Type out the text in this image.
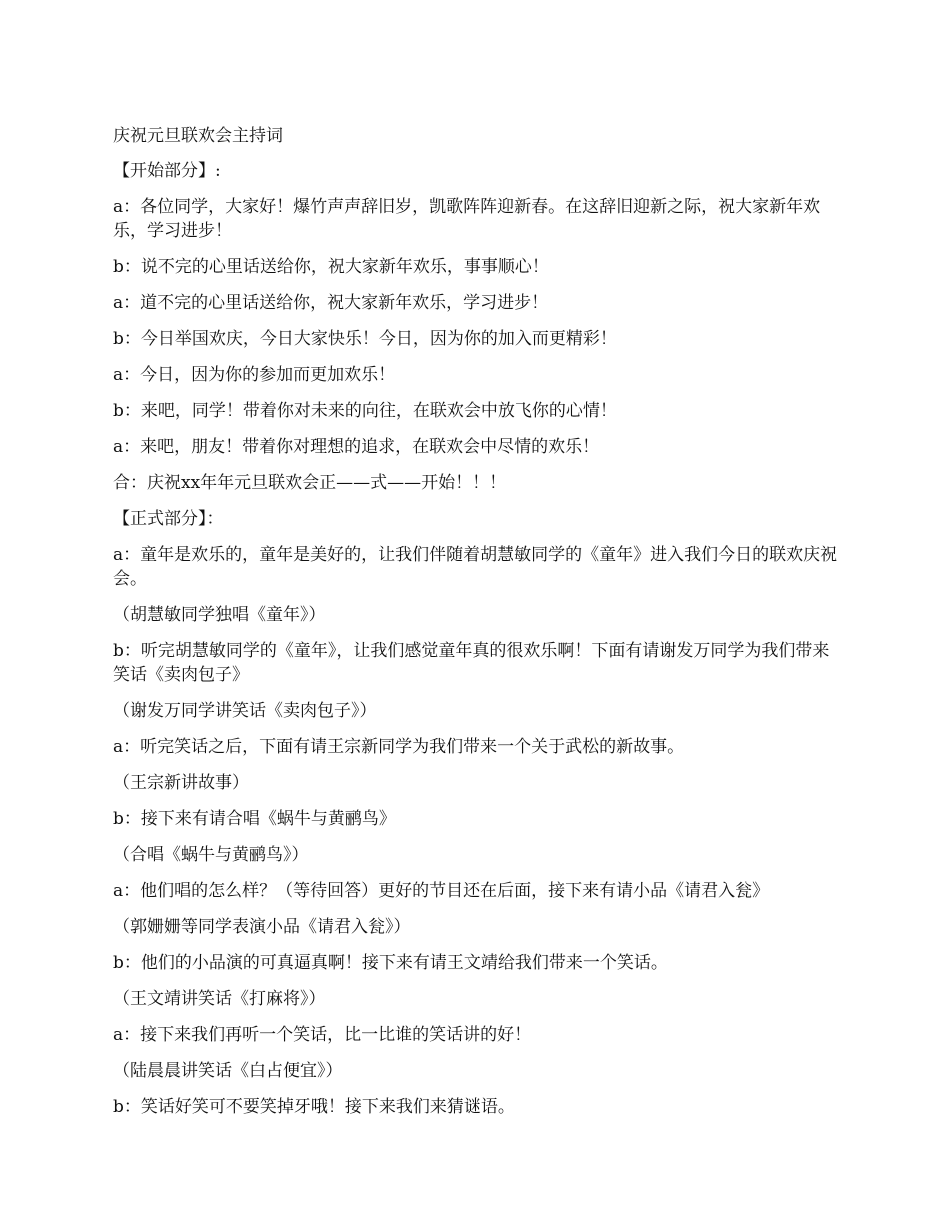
庆祝元旦联欢会主持词

【开始部分】:

a：各位同学，大家好！爆竹声声辞旧岁，凯歌阵阵迎新春。在这辞旧迎新之际，祝大家新年欢乐，学习进步！

b：说不完的心里话送给你，祝大家新年欢乐，事事顺心！

a：道不完的心里话送给你，祝大家新年欢乐，学习进步！

b：今日举国欢庆，今日大家快乐！今日，因为你的加入而更精彩！

a：今日，因为你的参加而更加欢乐！

b：来吧，同学！带着你对未来的向往，在联欢会中放飞你的心情！

a：来吧，朋友！带着你对理想的追求，在联欢会中尽情的欢乐！

合：庆祝xx年年元旦联欢会正——式——开始！！！

【正式部分】：

a：童年是欢乐的，童年是美好的，让我们伴随着胡慧敏同学的《童年》进入我们今日的联欢庆祝会。

（胡慧敏同学独唱《童年》）

b：听完胡慧敏同学的《童年》，让我们感觉童年真的很欢乐啊！下面有请谢发万同学为我们带来笑话《卖肉包子》

（谢发万同学讲笑话《卖肉包子》）

a：听完笑话之后，下面有请王宗新同学为我们带来一个关于武松的新故事。

（王宗新讲故事）

b：接下来有请合唱《蜗牛与黄鹂鸟》

（合唱《蜗牛与黄鹂鸟》）

a：他们唱的怎么样？（等待回答）更好的节目还在后面，接下来有请小品《请君入瓮》

（郭姗姗等同学表演小品《请君入瓮》）

b：他们的小品演的可真逼真啊！接下来有请王文靖给我们带来一个笑话。

（王文靖讲笑话《打麻将》）

a：接下来我们再听一个笑话，比一比谁的笑话讲的好！

（陆晨晨讲笑话《白占便宜》）

b：笑话好笑可不要笑掉牙哦！接下来我们来猜谜语。
